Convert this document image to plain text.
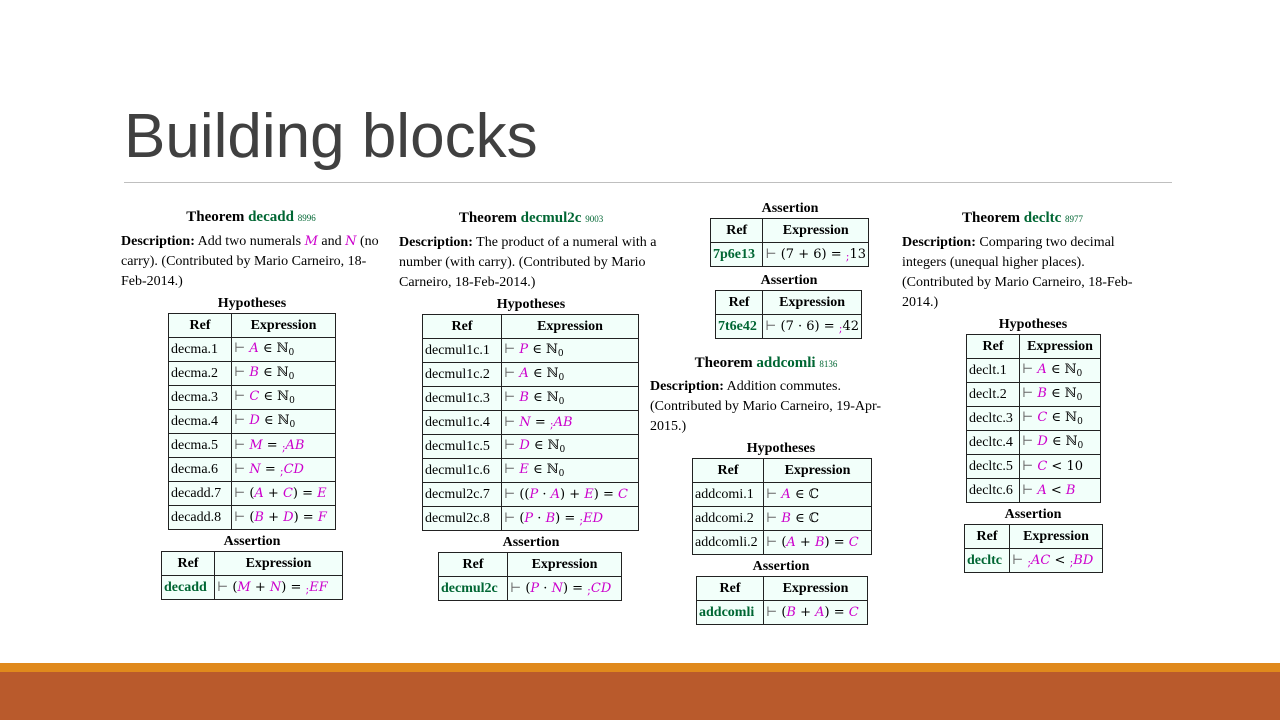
Building blocks
Theorem decadd 8996
Description: Add two numerals M and N (no carry). (Contributed by Mario Carneiro, 18-Feb-2014.)
Hypotheses
Ref	Expression
decma.1	⊢ A ∈ ℕ$_0$
decma.2	⊢ B ∈ ℕ$_0$
decma.3	⊢ C ∈ ℕ$_0$
decma.4	⊢ D ∈ ℕ$_0$
decma.5	⊢ M = ;AB
decma.6	⊢ N = ;CD
decadd.7	⊢ (A + C) = E
decadd.8	⊢ (B + D) = F
Assertion
Ref	Expression
decadd	⊢ (M + N) = ;EF
Theorem decmul2c 9003
Description: The product of a numeral with a number (with carry). (Contributed by Mario Carneiro, 18-Feb-2014.)
Hypotheses
Ref	Expression
decmul1c.1	⊢ P ∈ ℕ$_0$
decmul1c.2	⊢ A ∈ ℕ$_0$
decmul1c.3	⊢ B ∈ ℕ$_0$
decmul1c.4	⊢ N = ;AB
decmul1c.5	⊢ D ∈ ℕ$_0$
decmul1c.6	⊢ E ∈ ℕ$_0$
decmul2c.7	⊢ ((P · A) + E) = C
decmul2c.8	⊢ (P · B) = ;ED
Assertion
Ref	Expression
decmul2c	⊢ (P · N) = ;CD
Assertion
Ref	Expression
7p6e13	⊢ (7 + 6) = ;13
Assertion
Ref	Expression
7t6e42	⊢ (7 · 6) = ;42
Theorem addcomli 8136
Description: Addition commutes. (Contributed by Mario Carneiro, 19-Apr-2015.)
Hypotheses
Ref	Expression
addcomi.1	⊢ A ∈ ℂ
addcomi.2	⊢ B ∈ ℂ
addcomli.2	⊢ (A + B) = C
Assertion
Ref	Expression
addcomli	⊢ (B + A) = C
Theorem decltc 8977
Description: Comparing two decimal integers (unequal higher places). (Contributed by Mario Carneiro, 18-Feb-2014.)
Hypotheses
Ref	Expression
declt.1	⊢ A ∈ ℕ$_0$
declt.2	⊢ B ∈ ℕ$_0$
decltc.3	⊢ C ∈ ℕ$_0$
decltc.4	⊢ D ∈ ℕ$_0$
decltc.5	⊢ C < 10
decltc.6	⊢ A < B
Assertion
Ref	Expression
decltc	⊢ ;AC < ;BD
